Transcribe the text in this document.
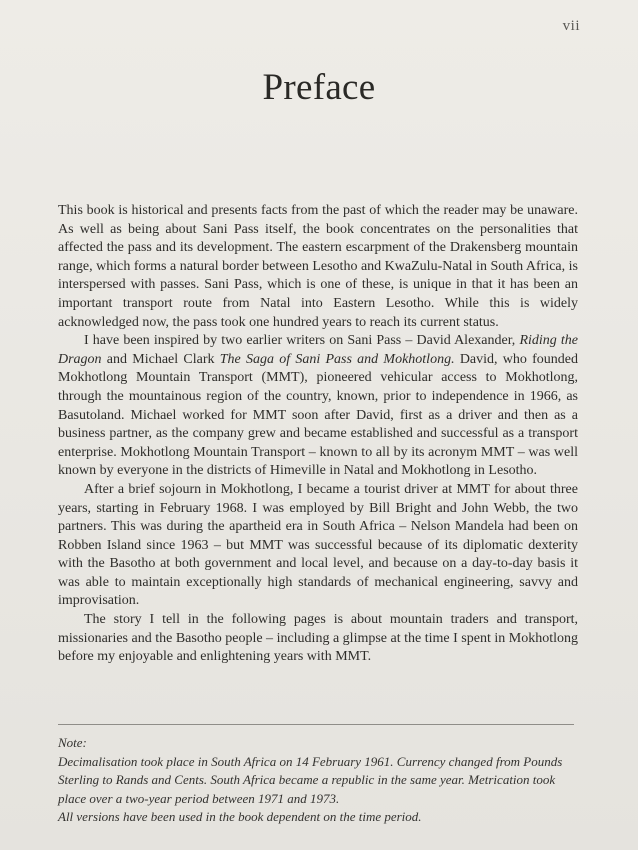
vii
Preface

This book is historical and presents facts from the past of which the reader may be unaware. As well as being about Sani Pass itself, the book concentrates on the personalities that affected the pass and its development. The eastern escarpment of the Drakensberg mountain range, which forms a natural border between Lesotho and KwaZulu-Natal in South Africa, is interspersed with passes. Sani Pass, which is one of these, is unique in that it has been an important transport route from Natal into Eastern Lesotho. While this is widely acknowledged now, the pass took one hundred years to reach its current status.

I have been inspired by two earlier writers on Sani Pass – David Alexander, Riding the Dragon and Michael Clark The Saga of Sani Pass and Mokhotlong. David, who founded Mokhotlong Mountain Transport (MMT), pioneered vehicular access to Mokhotlong, through the mountainous region of the country, known, prior to independence in 1966, as Basutoland. Michael worked for MMT soon after David, first as a driver and then as a business partner, as the company grew and became established and successful as a transport enterprise. Mokhotlong Mountain Transport – known to all by its acronym MMT – was well known by everyone in the districts of Himeville in Natal and Mokhotlong in Lesotho.

After a brief sojourn in Mokhotlong, I became a tourist driver at MMT for about three years, starting in February 1968. I was employed by Bill Bright and John Webb, the two partners. This was during the apartheid era in South Africa – Nelson Mandela had been on Robben Island since 1963 – but MMT was successful because of its diplomatic dexterity with the Basotho at both government and local level, and because on a day-to-day basis it was able to maintain exceptionally high standards of mechanical engineering, savvy and improvisation.

The story I tell in the following pages is about mountain traders and transport, missionaries and the Basotho people – including a glimpse at the time I spent in Mokhotlong before my enjoyable and enlightening years with MMT.

Note:

Decimalisation took place in South Africa on 14 February 1961. Currency changed from Pounds Sterling to Rands and Cents. South Africa became a republic in the same year. Metrication took place over a two-year period between 1971 and 1973.

All versions have been used in the book dependent on the time period.
